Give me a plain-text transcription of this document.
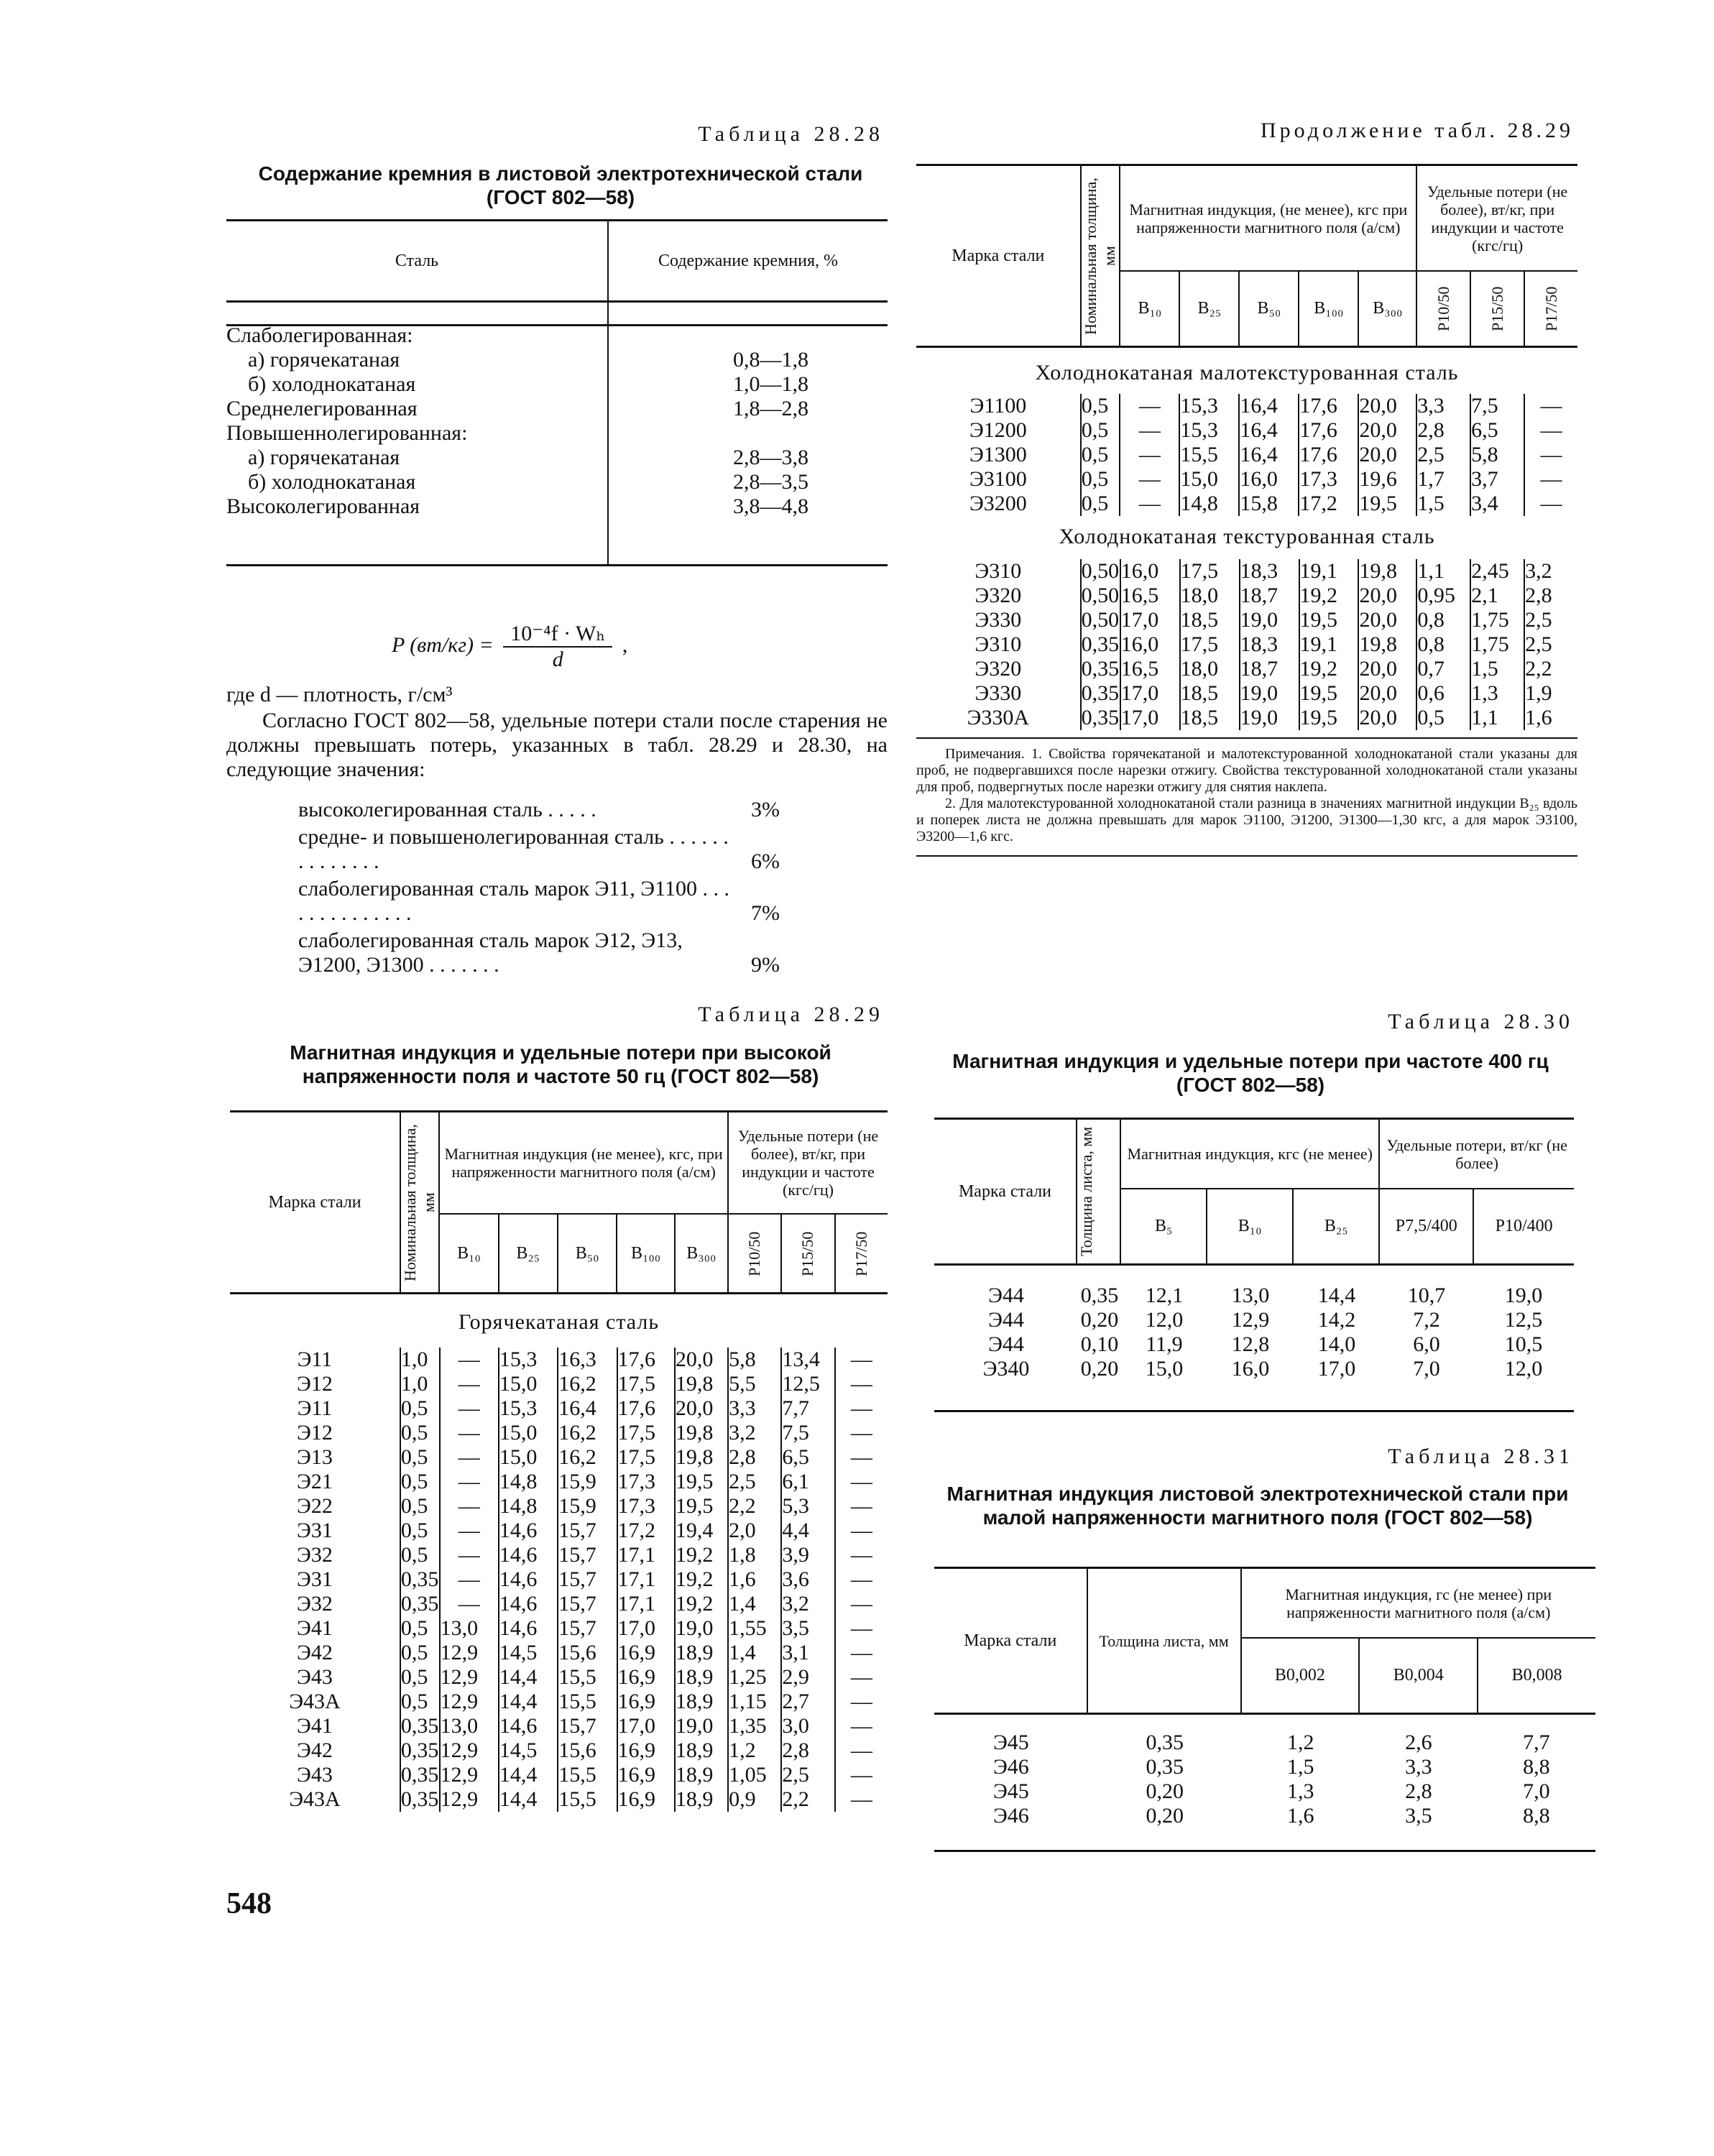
Таблица 28.28
Содержание кремния в листовой электротехнической стали (ГОСТ 802—58)
Сталь	Содержание кремния, %

Слаболегированная:	
а) горячекатаная	0,8—1,8
б) холоднокатаная	1,0—1,8
Среднелегированная	1,8—2,8
Повышеннолегированная:	
а) горячекатаная	2,8—3,8
б) холоднокатаная	2,8—3,5
Высоколегированная	3,8—4,8
P $(вт/кг) = \frac{\text{10⁻⁴f · Wₕ}}{d}$ ,
где d — плотность, г/см³
Согласно ГОСТ 802—58, удельные потери стали после старения не должны превышать потерь, указанных в табл. 28.29 и 28.30, на следующие значения:
высоколегированная сталь . . . . .	3%
средне- и повышенолегированная сталь . . . . . . . . . . . . . .	6%
слаболегированная сталь марок Э11, Э1100 . . . . . . . . . . . . . .	7%
слаболегированная сталь марок Э12, Э13, Э1200, Э1300 . . . . . . .	9%
Таблица 28.29
Магнитная индукция и удельные потери при высокой напряженности поля и частоте 50 гц (ГОСТ 802—58)
Марка стали	Номинальная толщина, мм	Магнитная индукция (не менее), кгс, при напряженности магнитного поля (а/см)					Удельные потери (не более), вт/кг, при индукции и частоте (кгс/гц)		

		B₁₀	B₂₅	B₅₀	B₁₀₀	B₃₀₀	P10/50	P15/50	P17/50
Горячекатаная сталь
Э11	1,0	—	15,3	16,3	17,6	20,0	5,8	13,4	—
Э12	1,0	—	15,0	16,2	17,5	19,8	5,5	12,5	—
Э11	0,5	—	15,3	16,4	17,6	20,0	3,3	7,7	—
Э12	0,5	—	15,0	16,2	17,5	19,8	3,2	7,5	—
Э13	0,5	—	15,0	16,2	17,5	19,8	2,8	6,5	—
Э21	0,5	—	14,8	15,9	17,3	19,5	2,5	6,1	—
Э22	0,5	—	14,8	15,9	17,3	19,5	2,2	5,3	—
Э31	0,5	—	14,6	15,7	17,2	19,4	2,0	4,4	—
Э32	0,5	—	14,6	15,7	17,1	19,2	1,8	3,9	—
Э31	0,35	—	14,6	15,7	17,1	19,2	1,6	3,6	—
Э32	0,35	—	14,6	15,7	17,1	19,2	1,4	3,2	—
Э41	0,5	13,0	14,6	15,7	17,0	19,0	1,55	3,5	—
Э42	0,5	12,9	14,5	15,6	16,9	18,9	1,4	3,1	—
Э43	0,5	12,9	14,4	15,5	16,9	18,9	1,25	2,9	—
Э43А	0,5	12,9	14,4	15,5	16,9	18,9	1,15	2,7	—
Э41	0,35	13,0	14,6	15,7	17,0	19,0	1,35	3,0	—
Э42	0,35	12,9	14,5	15,6	16,9	18,9	1,2	2,8	—
Э43	0,35	12,9	14,4	15,5	16,9	18,9	1,05	2,5	—
Э43А	0,35	12,9	14,4	15,5	16,9	18,9	0,9	2,2	—
548
Продолжение табл. 28.29
Марка стали	Номинальная толщина, мм	Магнитная индукция, (не менее), кгс при напряженности магнитного поля (а/см)					Удельные потери (не более), вт/кг, при индукции и частоте (кгс/гц)		

		B₁₀	B₂₅	B₅₀	B₁₀₀	B₃₀₀	P10/50	P15/50	P17/50
Холоднокатаная малотекстурованная сталь
Э1100	0,5	—	15,3	16,4	17,6	20,0	3,3	7,5	—
Э1200	0,5	—	15,3	16,4	17,6	20,0	2,8	6,5	—
Э1300	0,5	—	15,5	16,4	17,6	20,0	2,5	5,8	—
Э3100	0,5	—	15,0	16,0	17,3	19,6	1,7	3,7	—
Э3200	0,5	—	14,8	15,8	17,2	19,5	1,5	3,4	—
Холоднокатаная текстурованная сталь
Э310	0,50	16,0	17,5	18,3	19,1	19,8	1,1	2,45	3,2
Э320	0,50	16,5	18,0	18,7	19,2	20,0	0,95	2,1	2,8
Э330	0,50	17,0	18,5	19,0	19,5	20,0	0,8	1,75	2,5
Э310	0,35	16,0	17,5	18,3	19,1	19,8	0,8	1,75	2,5
Э320	0,35	16,5	18,0	18,7	19,2	20,0	0,7	1,5	2,2
Э330	0,35	17,0	18,5	19,0	19,5	20,0	0,6	1,3	1,9
Э330А	0,35	17,0	18,5	19,0	19,5	20,0	0,5	1,1	1,6
Примечания. 1. Свойства горячекатаной и малотекстурованной холоднокатаной стали указаны для проб, не подвергавшихся после нарезки отжигу. Свойства текстурованной холоднокатаной стали указаны для проб, подвергнутых после нарезки отжигу для снятия наклепа.
2. Для малотекстурованной холоднокатаной стали разница в значениях магнитной индукции B₂₅ вдоль и поперек листа не должна превышать для марок Э1100, Э1200, Э1300—1,30 кгс, а для марок Э3100, Э3200—1,6 кгс.
Таблица 28.30
Магнитная индукция и удельные потери при частоте 400 гц (ГОСТ 802—58)
Марка стали	Толщина листа, мм	Магнитная индукция, кгс (не менее)			Удельные потери, вт/кг (не более)	

		B₅	B₁₀	B₂₅	P7,5/400	P10/400
Э44	0,35	12,1	13,0	14,4	10,7	19,0
Э44	0,20	12,0	12,9	14,2	7,2	12,5
Э44	0,10	11,9	12,8	14,0	6,0	10,5
Э340	0,20	15,0	16,0	17,0	7,0	12,0
Таблица 28.31
Магнитная индукция листовой электротехнической стали при малой напряженности магнитного поля (ГОСТ 802—58)
Марка стали	Толщина листа, мм	Магнитная индукция, гс (не менее) при напряженности магнитного поля (а/см)		

		B0,002	B0,004	B0,008
Э45	0,35	1,2	2,6	7,7
Э46	0,35	1,5	3,3	8,8
Э45	0,20	1,3	2,8	7,0
Э46	0,20	1,6	3,5	8,8
